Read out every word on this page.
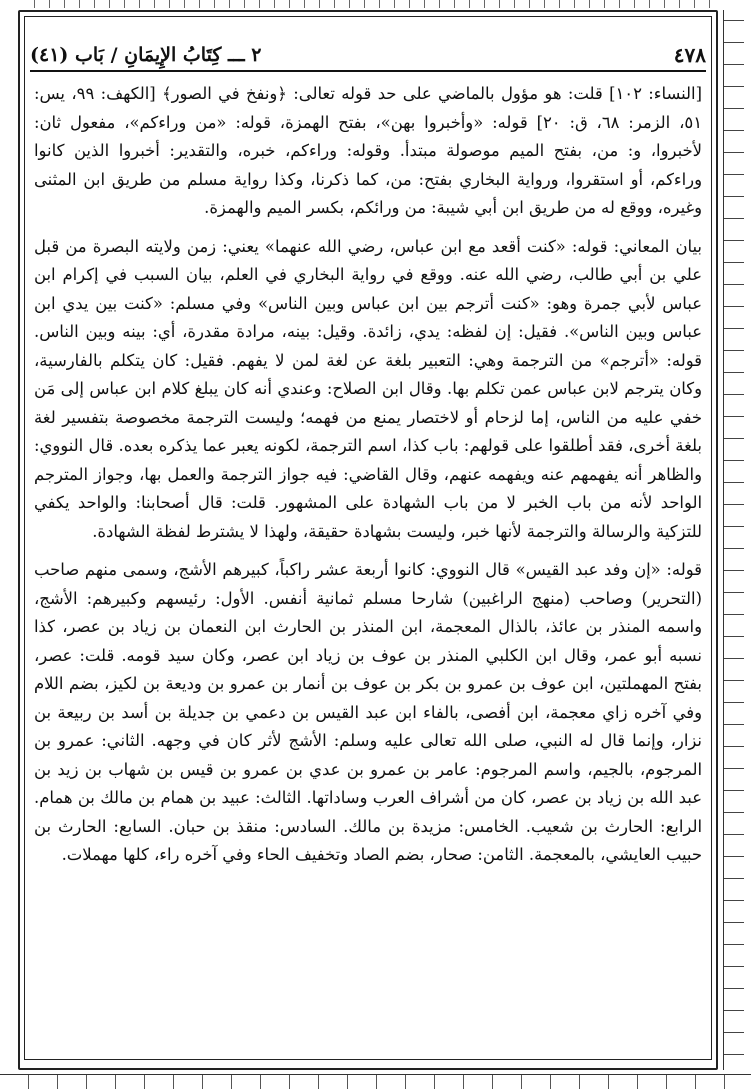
٤٧٨
٢ ـــ كِتَابُ الإِيمَانِ / بَاب (٤١)

[النساء: ١٠٢] قلت: هو مؤول بالماضي على حد قوله تعالى: ﴿ونفخ في الصور﴾ [الكهف: ٩٩، يس: ٥١، الزمر: ٦٨، ق: ٢٠] قوله: «وأخبروا بهن»، بفتح الهمزة، قوله: «من وراءكم»، مفعول ثان: لأخبروا، و: من، بفتح الميم موصولة مبتدأ. وقوله: وراءكم، خبره، والتقدير: أخبروا الذين كانوا وراءكم، أو استقروا، ورواية البخاري بفتح: من، كما ذكرنا، وكذا رواية مسلم من طريق ابن المثنى وغيره، ووقع له من طريق ابن أبي شيبة: من ورائكم، بكسر الميم والهمزة.

بيان المعاني: قوله: «كنت أقعد مع ابن عباس، رضي الله عنهما» يعني: زمن ولايته البصرة من قبل علي بن أبي طالب، رضي الله عنه. ووقع في رواية البخاري في العلم، بيان السبب في إكرام ابن عباس لأبي جمرة وهو: «كنت أترجم بين ابن عباس وبين الناس» وفي مسلم: «كنت بين يدي ابن عباس وبين الناس». فقيل: إن لفظه: يدي، زائدة. وقيل: بينه، مرادة مقدرة، أي: بينه وبين الناس. قوله: «أترجم» من الترجمة وهي: التعبير بلغة عن لغة لمن لا يفهم. فقيل: كان يتكلم بالفارسية، وكان يترجم لابن عباس عمن تكلم بها. وقال ابن الصلاح: وعندي أنه كان يبلغ كلام ابن عباس إلى مَن خفي عليه من الناس، إما لزحام أو لاختصار يمنع من فهمه؛ وليست الترجمة مخصوصة بتفسير لغة بلغة أخرى، فقد أطلقوا على قولهم: باب كذا، اسم الترجمة، لكونه يعبر عما يذكره بعده. قال النووي: والظاهر أنه يفهمهم عنه ويفهمه عنهم، وقال القاضي: فيه جواز الترجمة والعمل بها، وجواز المترجم الواحد لأنه من باب الخبر لا من باب الشهادة على المشهور. قلت: قال أصحابنا: والواحد يكفي للتزكية والرسالة والترجمة لأنها خبر، وليست بشهادة حقيقة، ولهذا لا يشترط لفظة الشهادة.

قوله: «إن وفد عبد القيس» قال النووي: كانوا أربعة عشر راكباً، كبيرهم الأشج، وسمى منهم صاحب (التحرير) وصاحب (منهج الراغبين) شارحا مسلم ثمانية أنفس. الأول: رئيسهم وكبيرهم: الأشج، واسمه المنذر بن عائذ، بالذال المعجمة، ابن المنذر بن الحارث ابن النعمان بن زياد بن عصر، كذا نسبه أبو عمر، وقال ابن الكلبي المنذر بن عوف بن زياد ابن عصر، وكان سيد قومه. قلت: عصر، بفتح المهملتين، ابن عوف بن عمرو بن بكر بن عوف بن أنمار بن عمرو بن وديعة بن لكيز، بضم اللام وفي آخره زاي معجمة، ابن أفصى، بالفاء ابن عبد القيس بن دعمي بن جديلة بن أسد بن ربيعة بن نزار، وإنما قال له النبي، صلى الله تعالى عليه وسلم: الأشج لأثر كان في وجهه. الثاني: عمرو بن المرجوم، بالجيم، واسم المرجوم: عامر بن عمرو بن عدي بن عمرو بن قيس بن شهاب بن زيد بن عبد الله بن زياد بن عصر، كان من أشراف العرب وساداتها. الثالث: عبيد بن همام بن مالك بن همام. الرابع: الحارث بن شعيب. الخامس: مزيدة بن مالك. السادس: منقذ بن حبان. السابع: الحارث بن حبيب العايشي، بالمعجمة. الثامن: صحار، بضم الصاد وتخفيف الحاء وفي آخره راء، كلها مهملات.
